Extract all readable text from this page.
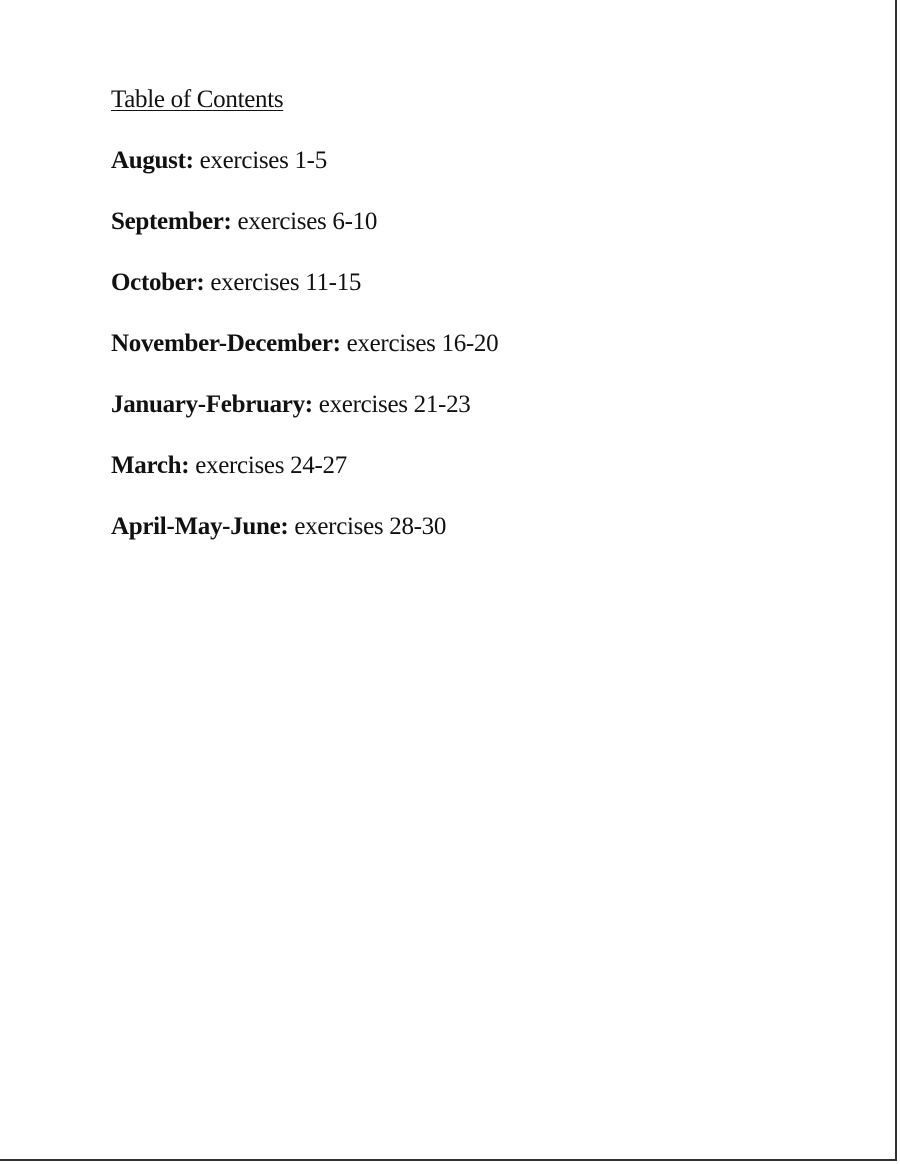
Table of Contents
August: exercises 1-5
September: exercises 6-10
October: exercises 11-15
November-December: exercises 16-20
January-February: exercises 21-23
March: exercises 24-27
April-May-June: exercises 28-30
